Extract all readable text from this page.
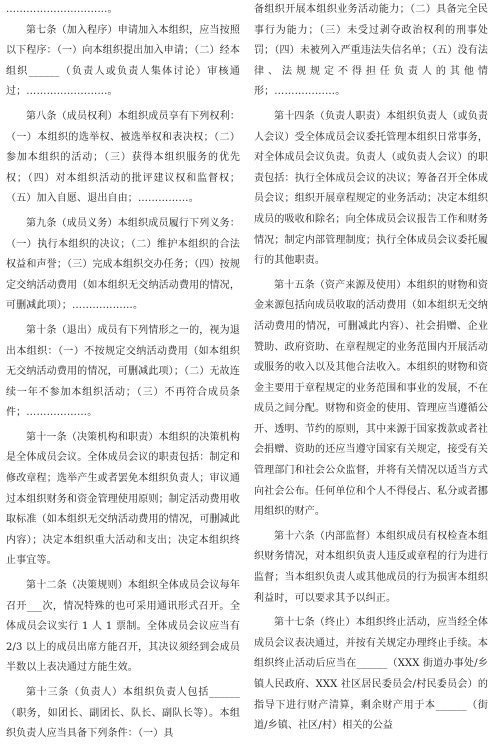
…………………………。

第七条（加入程序）申请加入本组织，应当按照以下程序：（一）向本组织提出加入申请；（二）经本组织______（负责人或负责人集体讨论）审核通过；……………………。

第八条（成员权利）本组织成员享有下列权利：（一）本组织的选举权、被选举权和表决权；（二）参加本组织的活动；（三）获得本组织服务的优先权；（四）对本组织活动的批评建议权和监督权；（五）加入自愿、退出自由；……………。

第九条（成员义务）本组织成员履行下列义务：（一）执行本组织的决议；（二）维护本组织的合法权益和声誉；（三）完成本组织交办任务；（四）按规定交纳活动费用（如本组织无交纳活动费用的情况，可删减此项）；………………。

第十条（退出）成员有下列情形之一的，视为退出本组织：（一）不按规定交纳活动费用（如本组织无交纳活动费用的情况，可删减此项）；（二）无故连续一年不参加本组织活动；（三）不再符合成员条件；………………。

第十一条（决策机构和职责）本组织的决策机构是全体成员会议。全体成员会议的职责包括：制定和修改章程；选举产生或者罢免本组织负责人；审议通过本组织财务和资金管理使用原则；制定活动费用收取标准（如本组织无交纳活动费用的情况，可删减此内容）；决定本组织重大活动和支出；决定本组织终止事宜等。

第十二条（决策规则）本组织全体成员会议每年召开___次，情况特殊的也可采用通讯形式召开。全体成员会议实行 1 人 1 票制。全体成员会议应当有 2/3 以上的成员出席方能召开，其决议须经到会成员半数以上表决通过方能生效。

第十三条（负责人）本组织负责人包括______（职务，如团长、副团长、队长、副队长等）。本组织负责人应当具备下列条件：（一）具

备组织开展本组织业务活动能力；（二）具备完全民事行为能力；（三）未受过剥夺政治权利的刑事处罚；（四）未被列入严重违法失信名单；（五）没有法律、法规规定不得担任负责人的其他情形；………………。

第十四条（负责人职责）本组织负责人（或负责人会议）受全体成员会议委托管理本组织日常事务，对全体成员会议负责。负责人（或负责人会议）的职责包括：执行全体成员会议的决议；筹备召开全体成员会议；组织开展章程规定的业务活动；决定本组织成员的吸收和除名；向全体成员会议报告工作和财务情况；制定内部管理制度；执行全体成员会议委托履行的其他职责。

第十五条（资产来源及使用）本组织的财物和资金来源包括向成员收取的活动费用（如本组织无交纳活动费用的情况，可删减此内容）、社会捐赠、企业赞助、政府资助、在章程规定的业务范围内开展活动或服务的收入以及其他合法收入。本组织的财物和资金主要用于章程规定的业务范围和事业的发展，不在成员之间分配。财物和资金的使用、管理应当遵循公开、透明、节约的原则，其中来源于国家拨款或者社会捐赠、资助的还应当遵守国家有关规定，接受有关管理部门和社会公众监督，并将有关情况以适当方式向社会公布。任何单位和个人不得侵占、私分或者挪用组织的财产。

第十六条（内部监督）本组织成员有权检查本组织财务情况，对本组织负责人违反或章程的行为进行监督；当本组织负责人或其他成员的行为损害本组织利益时，可以要求其予以纠正。

第十七条（终止）本组织终止活动，应当经全体成员会议表决通过，并按有关规定办理终止手续。本组织终止活动后应当在______（XXX 街道办事处/乡镇人民政府、XXX 社区居民委员会/村民委员会）的指导下进行财产清算，剩余财产用于本______（街道/乡镇、社区/村）相关的公益
